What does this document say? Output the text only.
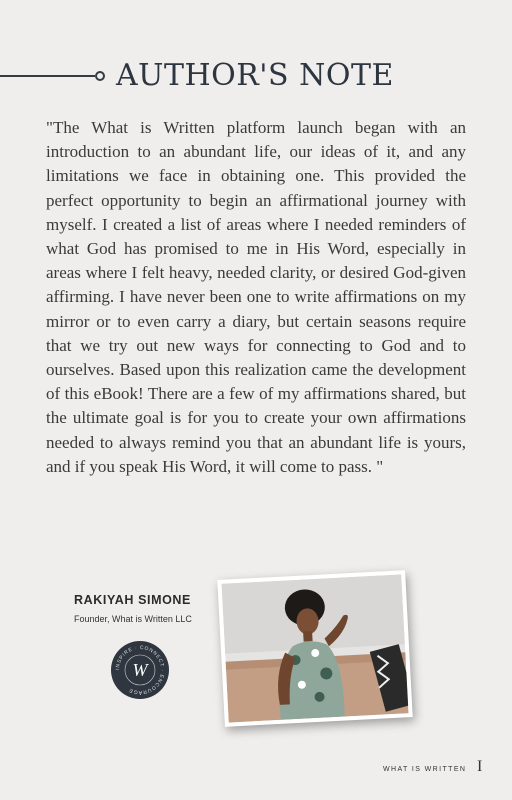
AUTHOR'S NOTE

"The What is Written platform launch began with an introduction to an abundant life, our ideas of it, and any limitations we face in obtaining one. This provided the perfect opportunity to begin an affirmational journey with myself. I created a list of areas where I needed reminders of what God has promised to me in His Word, especially in areas where I felt heavy, needed clarity, or desired God-given affirming. I have never been one to write affirmations on my mirror or to even carry a diary, but certain seasons require that we try out new ways for connecting to God and to ourselves. Based upon this realization came the development of this eBook! There are a few of my affirmations shared, but the ultimate goal is for you to create your own affirmations needed to always remind you that an abundant life is yours, and if you speak His Word, it will come to pass. "

RAKIYAH SIMONE
Founder, What is Written LLC
INSPIRE · CONNECT · ENCOURAGE
W
WHAT IS WRITTEN I
